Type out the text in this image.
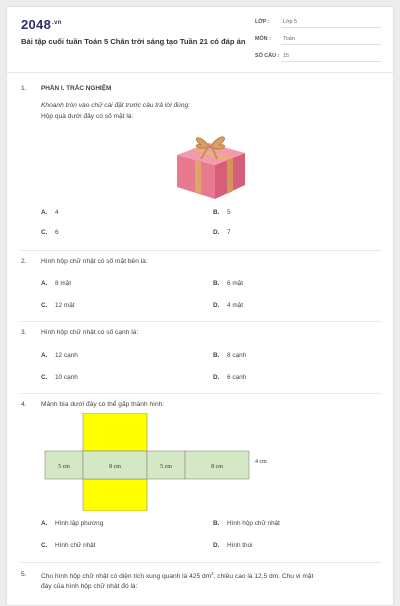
$2048^{.vn}$
Bài tập cuối tuần Toán 5 Chân trời sáng tạo Tuần 21 có đáp án
LỚP : Lớp 5
MÔN : Toán
SỐ CÂU : 15
1. PHẦN I. TRẮC NGHIỆM
Khoanh tròn vào chữ cái đặt trước câu trả lời đúng:
Hộp quà dưới đây có số mặt là:
A. 4	B. 5
C. 6	D. 7
2. Hình hộp chữ nhật có số mặt bên là:
A. 8 mặt	B. 6 mặt
C. 12 mặt	D. 4 mặt
3. Hình hộp chữ nhật có số cạnh là:
A. 12 cạnh	B. 8 cạnh
C. 10 cạnh	D. 6 cạnh
4. Mảnh bìa dưới đây có thể gấp thành hình:
5 cm	8 cm	5 cm	8 cm
4 cm
A. Hình lập phương	B. Hình hộp chữ nhật
C. Hình chữ nhật	D. Hình thoi
5. Cho hình hộp chữ nhật có diện tích xung quanh là 425 $dm^2$, chiều cao là 12,5 dm. Chu vi mặt
đáy của hình hộp chữ nhật đó là:
